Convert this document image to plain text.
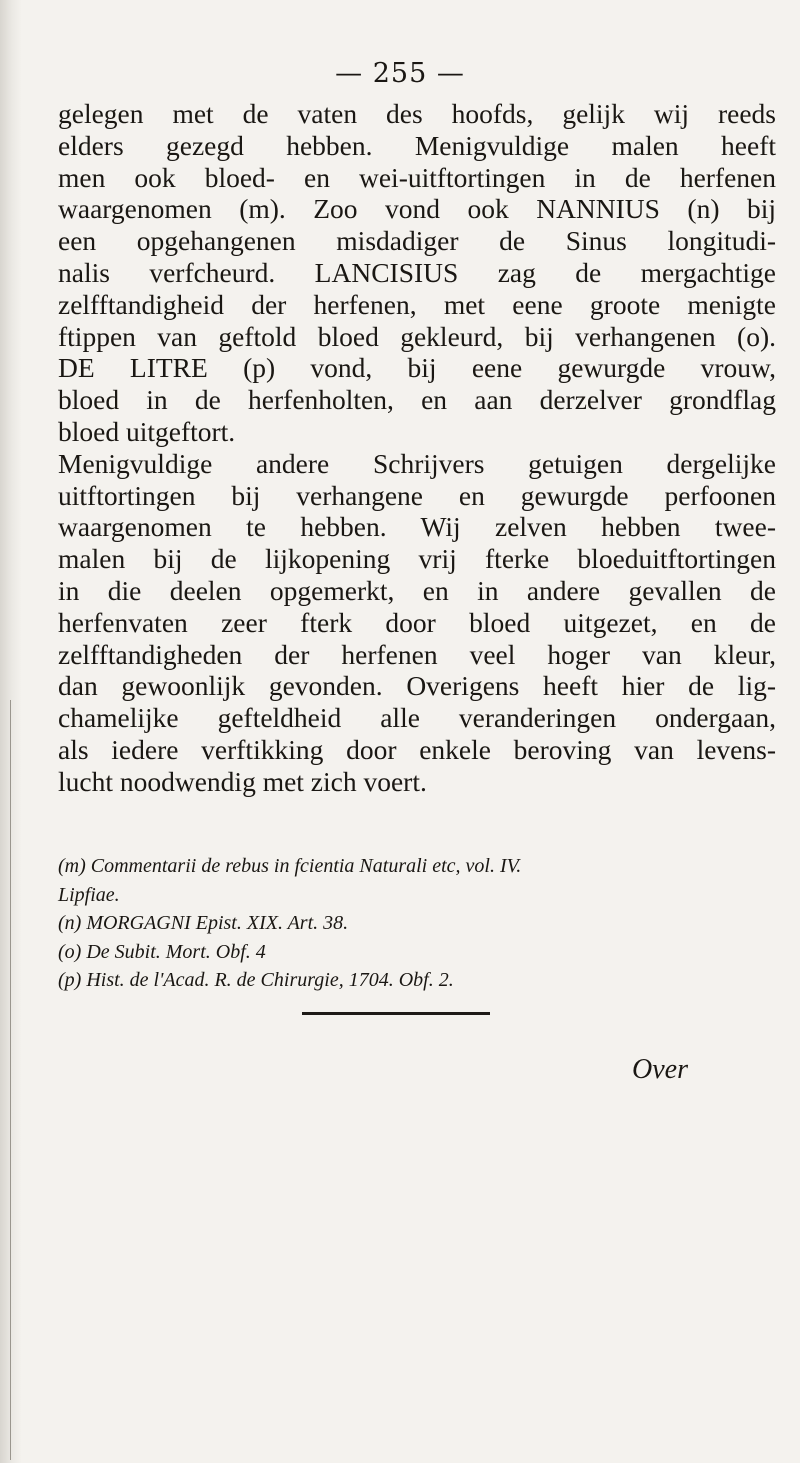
— 255 —
gelegen met de vaten des hoofds, gelijk wij reeds
elders gezegd hebben. Menigvuldige malen heeft
men ook bloed- en wei-uitftortingen in de herfenen
waargenomen (m). Zoo vond ook NANNIUS (n) bij
een opgehangenen misdadiger de Sinus longitudi-
nalis verfcheurd. LANCISIUS zag de mergachtige
zelfftandigheid der herfenen, met eene groote menigte
ftippen van geftold bloed gekleurd, bij verhangenen (o).
DE LITRE (p) vond, bij eene gewurgde vrouw,
bloed in de herfenholten, en aan derzelver grondflag
bloed uitgeftort.
Menigvuldige andere Schrijvers getuigen dergelijke
uitftortingen bij verhangene en gewurgde perfoonen
waargenomen te hebben. Wij zelven hebben twee-
malen bij de lijkopening vrij fterke bloeduitftortingen
in die deelen opgemerkt, en in andere gevallen de
herfenvaten zeer fterk door bloed uitgezet, en de
zelfftandigheden der herfenen veel hoger van kleur,
dan gewoonlijk gevonden. Overigens heeft hier de lig-
chamelijke gefteldheid alle veranderingen ondergaan,
als iedere verftikking door enkele beroving van levens-
lucht noodwendig met zich voert.
(m) Commentarii de rebus in fcientia Naturali etc, vol. IV.
Lipfiae.
(n) MORGAGNI Epist. XIX. Art. 38.
(o) De Subit. Mort. Obf. 4
(p) Hist. de l'Acad. R. de Chirurgie, 1704. Obf. 2.
Over
